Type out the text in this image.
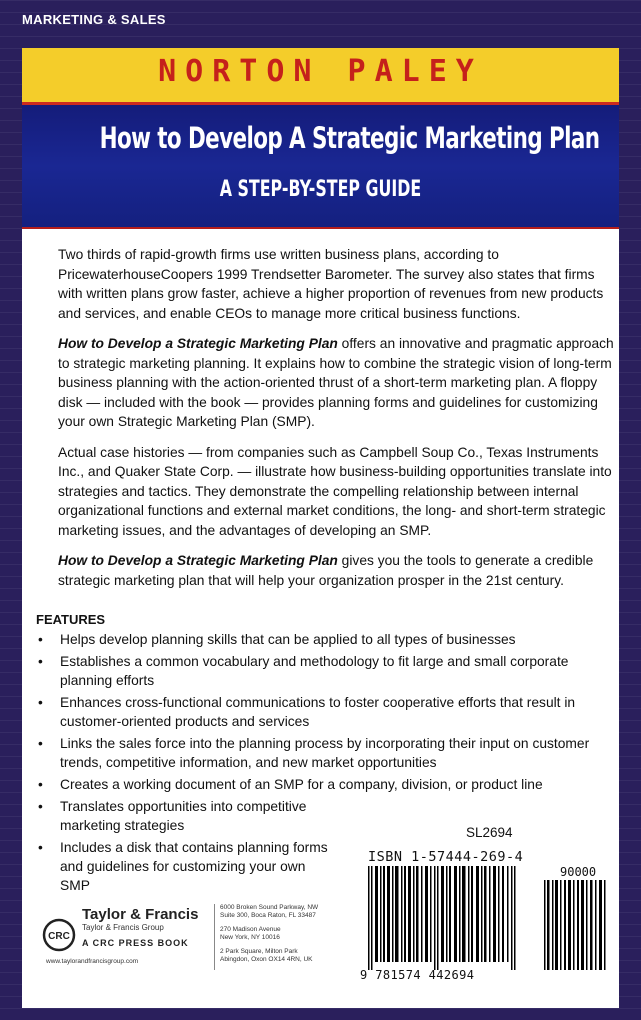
MARKETING & SALES
NORTON PALEY
How to Develop A Strategic Marketing Plan
A STEP-BY-STEP GUIDE

Two thirds of rapid-growth firms use written business plans, according to PricewaterhouseCoopers 1999 Trendsetter Barometer. The survey also states that firms with written plans grow faster, achieve a higher proportion of revenues from new products and services, and enable CEOs to manage more critical business functions.

How to Develop a Strategic Marketing Plan offers an innovative and pragmatic approach to strategic marketing planning. It explains how to combine the strategic vision of long-term business planning with the action-oriented thrust of a short-term marketing plan. A floppy disk — included with the book — provides planning forms and guidelines for customizing your own Strategic Marketing Plan (SMP).

Actual case histories — from companies such as Campbell Soup Co., Texas Instruments Inc., and Quaker State Corp. — illustrate how business-building opportunities translate into strategies and tactics. They demonstrate the compelling relationship between internal organizational functions and external market conditions, the long- and short-term strategic marketing issues, and the advantages of developing an SMP.

How to Develop a Strategic Marketing Plan gives you the tools to generate a credible strategic marketing plan that will help your organization prosper in the 21st century.

FEATURES
• Helps develop planning skills that can be applied to all types of businesses
• Establishes a common vocabulary and methodology to fit large and small corporate planning efforts
• Enhances cross-functional communications to foster cooperative efforts that result in customer-oriented products and services
• Links the sales force into the planning process by incorporating their input on customer trends, competitive information, and new market opportunities
• Creates a working document of an SMP for a company, division, or product line
• Translates opportunities into competitive marketing strategies
• Includes a disk that contains planning forms and guidelines for customizing your own SMP
SL2694
ISBN 1-57444-269-4
90000
9 781574 442694
CRC
Taylor & Francis
Taylor & Francis Group
A CRC PRESS BOOK
www.taylorandfrancisgroup.com
6000 Broken Sound Parkway, NW
Suite 300, Boca Raton, FL 33487
270 Madison Avenue
New York, NY 10016
2 Park Square, Milton Park
Abingdon, Oxon OX14 4RN, UK
